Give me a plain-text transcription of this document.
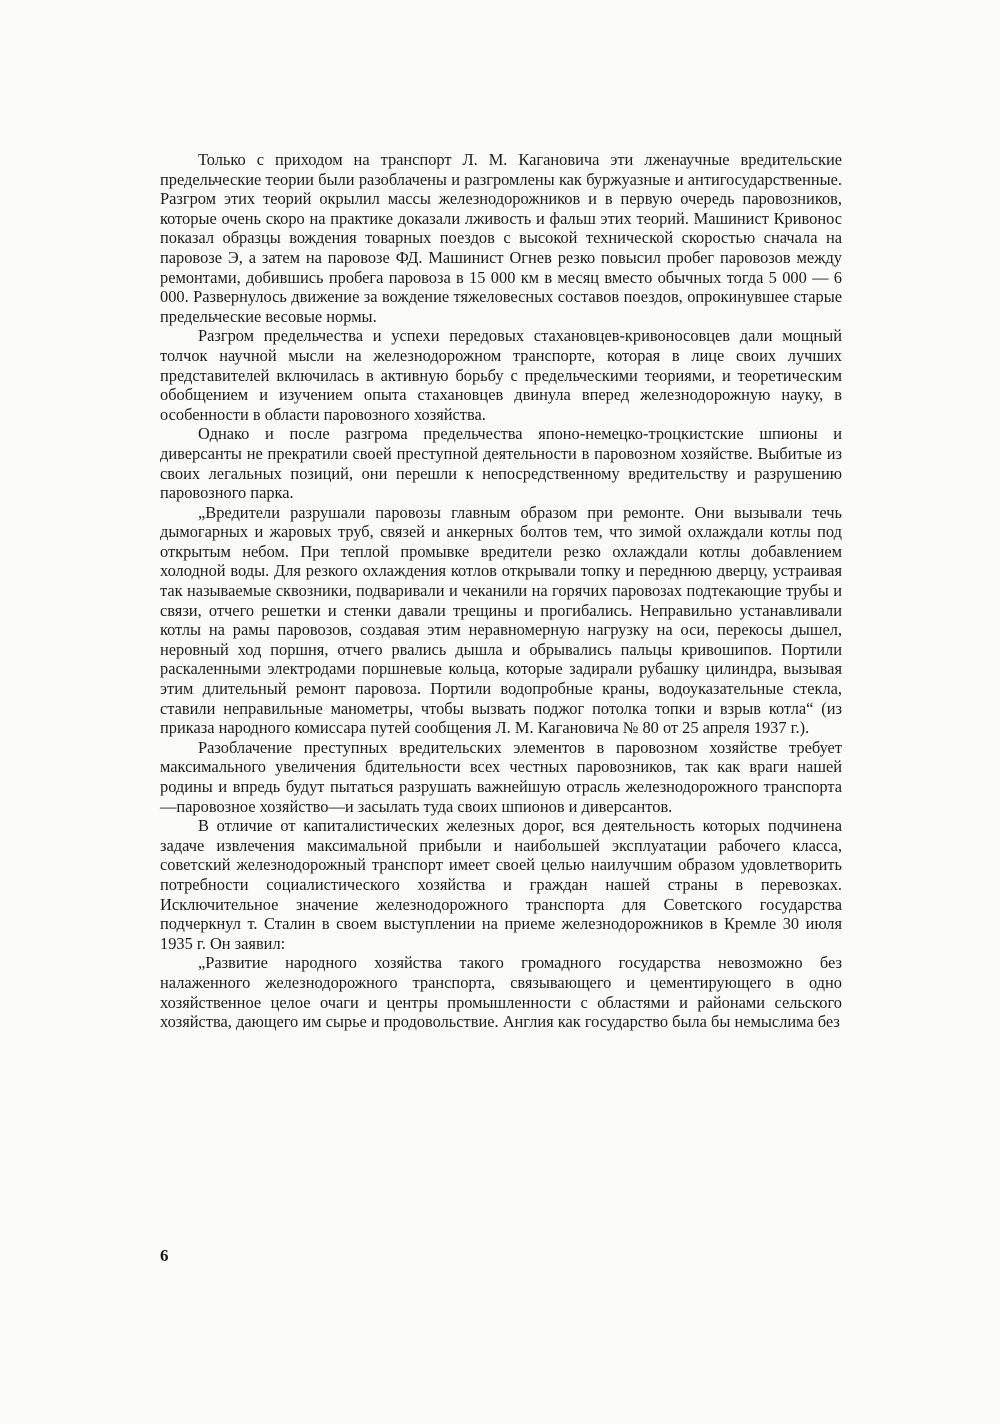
Только с приходом на транспорт Л. М. Кагановича эти лженаучные вредительские предельческие теории были разоблачены и разгромлены как буржуазные и антигосударственные. Разгром этих теорий окрылил массы железнодорожников и в первую очередь паровозников, которые очень скоро на практике доказали лживость и фальш этих теорий. Машинист Кривонос показал образцы вождения товарных поездов с высокой технической скоростью сначала на паровозе Э, а затем на паровозе ФД. Машинист Огнев резко повысил пробег паровозов между ремонтами, добившись пробега паровоза в 15 000 км в месяц вместо обычных тогда 5 000 — 6 000. Развернулось движение за вождение тяжеловесных составов поездов, опрокинувшее старые предельческие весовые нормы.

Разгром предельчества и успехи передовых стахановцев-кривоносовцев дали мощный толчок научной мысли на железнодорожном транспорте, которая в лице своих лучших представителей включилась в активную борьбу с предельческими теориями, и теоретическим обобщением и изучением опыта стахановцев двинула вперед железнодорожную науку, в особенности в области паровозного хозяйства.

Однако и после разгрома предельчества японо-немецко-троцкистские шпионы и диверсанты не прекратили своей преступной деятельности в паровозном хозяйстве. Выбитые из своих легальных позиций, они перешли к непосредственному вредительству и разрушению паровозного парка.

„Вредители разрушали паровозы главным образом при ремонте. Они вызывали течь дымогарных и жаровых труб, связей и анкерных болтов тем, что зимой охлаждали котлы под открытым небом. При теплой промывке вредители резко охлаждали котлы добавлением холодной воды. Для резкого охлаждения котлов открывали топку и переднюю дверцу, устраивая так называемые сквозники, подваривали и чеканили на горячих паровозах подтекающие трубы и связи, отчего решетки и стенки давали трещины и прогибались. Неправильно устанавливали котлы на рамы паровозов, создавая этим неравномерную нагрузку на оси, перекосы дышел, неровный ход поршня, отчего рвались дышла и обрывались пальцы кривошипов. Портили раскаленными электродами поршневые кольца, которые задирали рубашку цилиндра, вызывая этим длительный ремонт паровоза. Портили водопробные краны, водоуказательные стекла, ставили неправильные манометры, чтобы вызвать поджог потолка топки и взрыв котла“ (из приказа народного комиссара путей сообщения Л. М. Кагановича № 80 от 25 апреля 1937 г.).

Разоблачение преступных вредительских элементов в паровозном хозяйстве требует максимального увеличения бдительности всех честных паровозников, так как враги нашей родины и впредь будут пытаться разрушать важнейшую отрасль железнодорожного транспорта—паровозное хозяйство—и засылать туда своих шпионов и диверсантов.

В отличие от капиталистических железных дорог, вся деятельность которых подчинена задаче извлечения максимальной прибыли и наибольшей эксплуатации рабочего класса, советский железнодорожный транспорт имеет своей целью наилучшим образом удовлетворить потребности социалистического хозяйства и граждан нашей страны в перевозках. Исключительное значение железнодорожного транспорта для Советского государства подчеркнул т. Сталин в своем выступлении на приеме железнодорожников в Кремле 30 июля 1935 г. Он заявил:

„Развитие народного хозяйства такого громадного государства невозможно без налаженного железнодорожного транспорта, связывающего и цементирующего в одно хозяйственное целое очаги и центры промышленности с областями и районами сельского хозяйства, дающего им сырье и продовольствие. Англия как государство была бы немыслима без

6
